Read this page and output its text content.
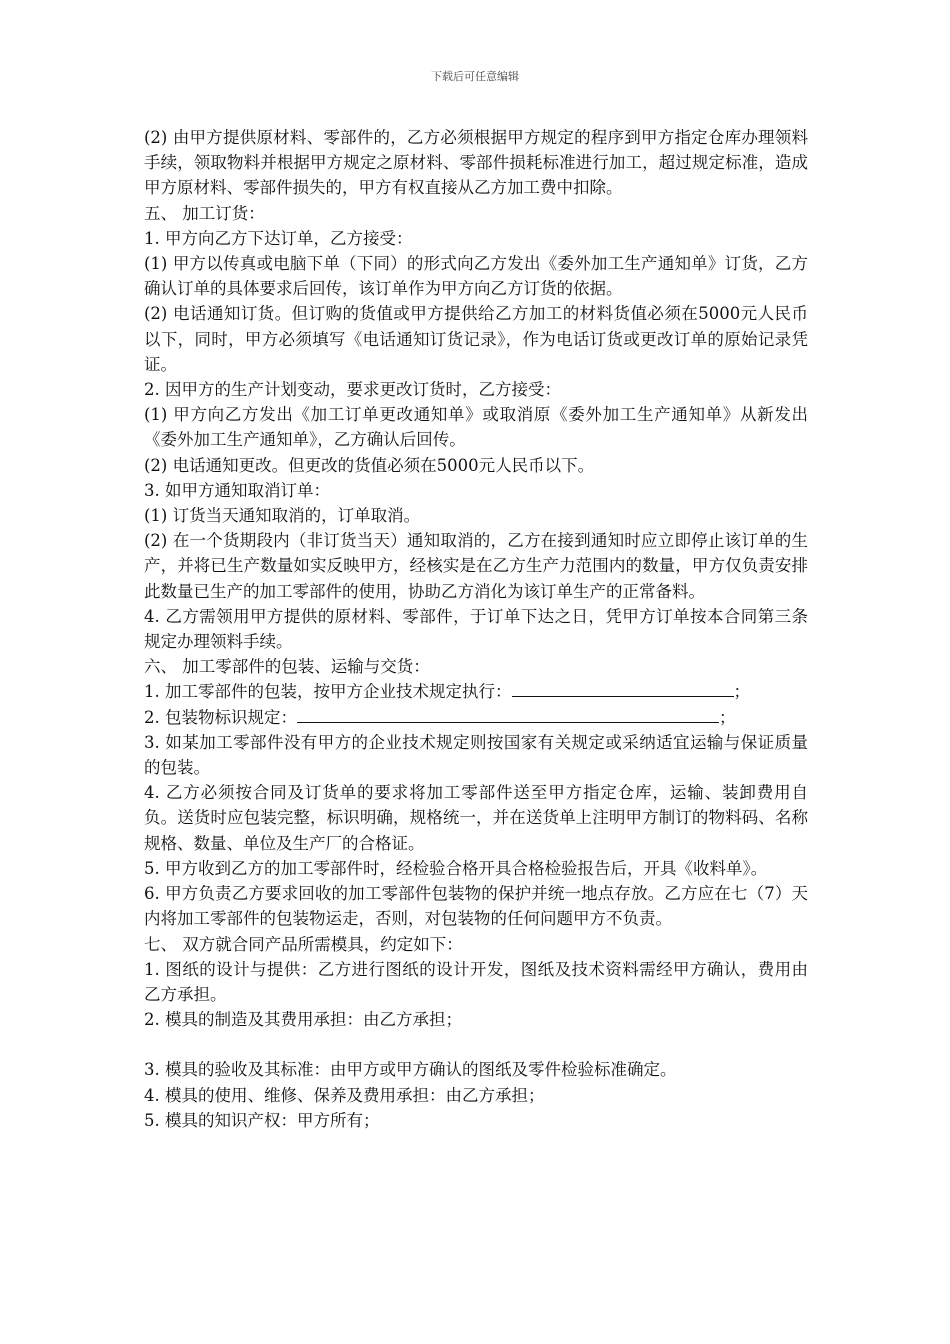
下载后可任意编辑

(2) 由甲方提供原材料、零部件的，乙方必须根据甲方规定的程序到甲方指定仓库办理领料手续，领取物料并根据甲方规定之原材料、零部件损耗标准进行加工，超过规定标准，造成甲方原材料、零部件损失的，甲方有权直接从乙方加工费中扣除。

五、 加工订货：

1. 甲方向乙方下达订单，乙方接受：

(1) 甲方以传真或电脑下单（下同）的形式向乙方发出《委外加工生产通知单》订货，乙方确认订单的具体要求后回传，该订单作为甲方向乙方订货的依据。

(2) 电话通知订货。但订购的货值或甲方提供给乙方加工的材料货值必须在5000元人民币以下，同时，甲方必须填写《电话通知订货记录》，作为电话订货或更改订单的原始记录凭证。

2. 因甲方的生产计划变动，要求更改订货时，乙方接受：

(1) 甲方向乙方发出《加工订单更改通知单》或取消原《委外加工生产通知单》从新发出《委外加工生产通知单》，乙方确认后回传。

(2) 电话通知更改。但更改的货值必须在5000元人民币以下。

3. 如甲方通知取消订单：

(1) 订货当天通知取消的，订单取消。

(2) 在一个货期段内（非订货当天）通知取消的，乙方在接到通知时应立即停止该订单的生产，并将已生产数量如实反映甲方，经核实是在乙方生产力范围内的数量，甲方仅负责安排此数量已生产的加工零部件的使用，协助乙方消化为该订单生产的正常备料。

4. 乙方需领用甲方提供的原材料、零部件，于订单下达之日，凭甲方订单按本合同第三条规定办理领料手续。

六、 加工零部件的包装、运输与交货：

1. 加工零部件的包装，按甲方企业技术规定执行：	；

2. 包装物标识规定：	；

3. 如某加工零部件没有甲方的企业技术规定则按国家有关规定或采纳适宜运输与保证质量的包装。

4. 乙方必须按合同及订货单的要求将加工零部件送至甲方指定仓库，运输、装卸费用自负。送货时应包装完整，标识明确，规格统一，并在送货单上注明甲方制订的物料码、名称规格、数量、单位及生产厂的合格证。

5. 甲方收到乙方的加工零部件时，经检验合格开具合格检验报告后，开具《收料单》。

6. 甲方负责乙方要求回收的加工零部件包装物的保护并统一地点存放。乙方应在七（7）天内将加工零部件的包装物运走，否则，对包装物的任何问题甲方不负责。

七、 双方就合同产品所需模具，约定如下：

1. 图纸的设计与提供：乙方进行图纸的设计开发，图纸及技术资料需经甲方确认，费用由乙方承担。

2. 模具的制造及其费用承担：由乙方承担；

3. 模具的验收及其标准：由甲方或甲方确认的图纸及零件检验标准确定。

4. 模具的使用、维修、保养及费用承担：由乙方承担；

5. 模具的知识产权：甲方所有；
